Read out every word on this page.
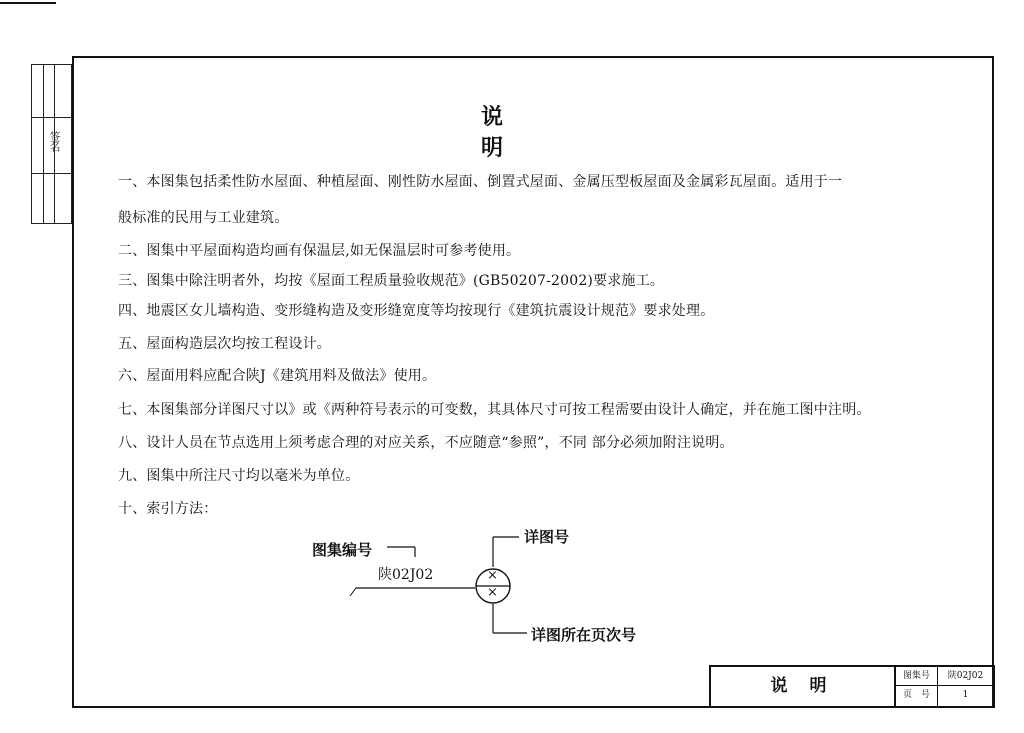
签名
说　　明
一、本图集包括柔性防水屋面、种植屋面、刚性防水屋面、倒置式屋面、金属压型板屋面及金属彩瓦屋面。适用于一
般标准的民用与工业建筑。
二、图集中平屋面构造均画有保温层,如无保温层时可参考使用。
三、图集中除注明者外，均按《屋面工程质量验收规范》(GB50207-2002)要求施工。
四、地震区女儿墙构造、变形缝构造及变形缝宽度等均按现行《建筑抗震设计规范》要求处理。
五、屋面构造层次均按工程设计。
六、屋面用料应配合陕J《建筑用料及做法》使用。
七、本图集部分详图尺寸以》或《两种符号表示的可变数，其具体尺寸可按工程需要由设计人确定，并在施工图中注明。
八、设计人员在节点选用上须考虑合理的对应关系，不应随意“参照”，不同 部分必须加附注说明。
九、图集中所注尺寸均以毫米为单位。
十、索引方法：
图集编号
详图号
详图所在页次号
陕02J02	×
×
说 明	图集号	陕02J02
页　号	1
